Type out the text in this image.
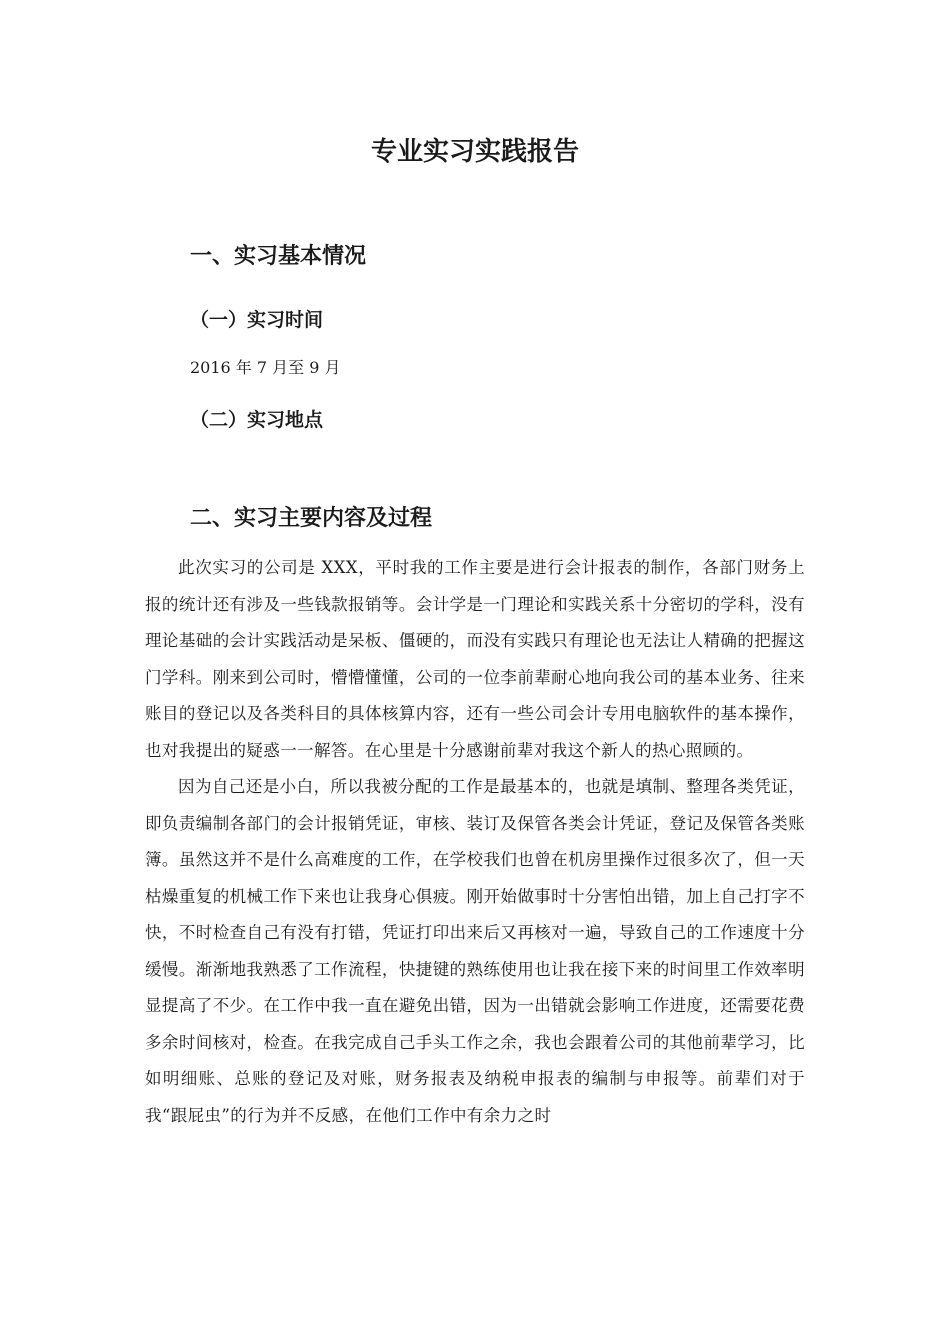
专业实习实践报告
一、实习基本情况
（一）实习时间

2016 年 7 月至 9 月

（二）实习地点
二、实习主要内容及过程

此次实习的公司是 XXX，平时我的工作主要是进行会计报表的制作，各部门财务上报的统计还有涉及一些钱款报销等。会计学是一门理论和实践关系十分密切的学科，没有理论基础的会计实践活动是呆板、僵硬的，而没有实践只有理论也无法让人精确的把握这门学科。刚来到公司时，懵懵懂懂，公司的一位李前辈耐心地向我公司的基本业务、往来账目的登记以及各类科目的具体核算内容，还有一些公司会计专用电脑软件的基本操作，也对我提出的疑惑一一解答。在心里是十分感谢前辈对我这个新人的热心照顾的。

因为自己还是小白，所以我被分配的工作是最基本的，也就是填制、整理各类凭证，即负责编制各部门的会计报销凭证，审核、装订及保管各类会计凭证，登记及保管各类账簿。虽然这并不是什么高难度的工作，在学校我们也曾在机房里操作过很多次了，但一天枯燥重复的机械工作下来也让我身心俱疲。刚开始做事时十分害怕出错，加上自己打字不快，不时检查自己有没有打错，凭证打印出来后又再核对一遍，导致自己的工作速度十分缓慢。渐渐地我熟悉了工作流程，快捷键的熟练使用也让我在接下来的时间里工作效率明显提高了不少。在工作中我一直在避免出错，因为一出错就会影响工作进度，还需要花费多余时间核对，检查。在我完成自己手头工作之余，我也会跟着公司的其他前辈学习，比如明细账、总账的登记及对账，财务报表及纳税申报表的编制与申报等。前辈们对于我“跟屁虫”的行为并不反感，在他们工作中有余力之时
